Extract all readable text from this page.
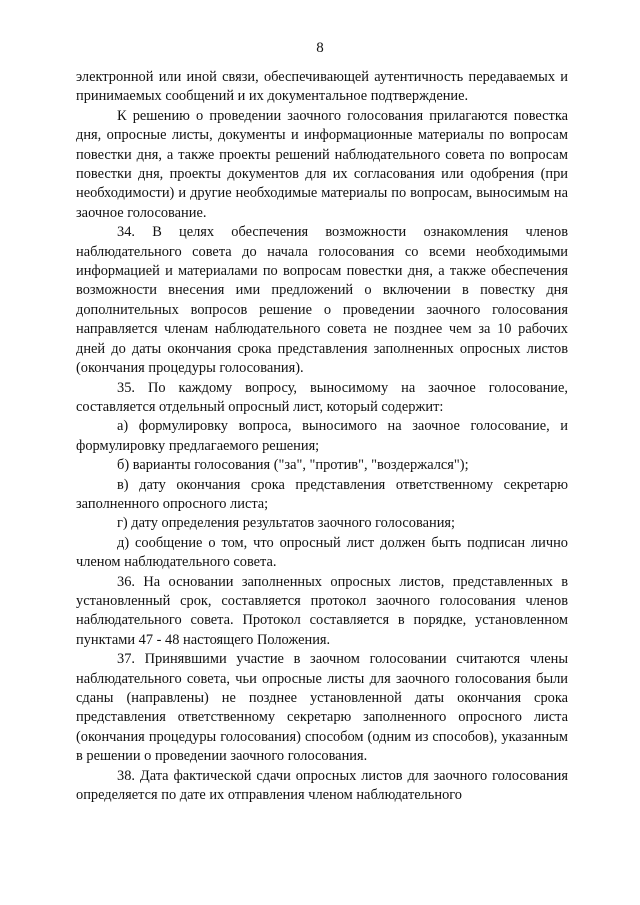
8

электронной или иной связи, обеспечивающей аутентичность передаваемых и принимаемых сообщений и их документальное подтверждение.

К решению о проведении заочного голосования прилагаются повестка дня, опросные листы, документы и информационные материалы по вопросам повестки дня, а также проекты решений наблюдательного совета по вопросам повестки дня, проекты документов для их согласования или одобрения (при необходимости) и другие необходимые материалы по вопросам, выносимым на заочное голосование.

34. В целях обеспечения возможности ознакомления членов наблюдательного совета до начала голосования со всеми необходимыми информацией и материалами по вопросам повестки дня, а также обеспечения возможности внесения ими предложений о включении в повестку дня дополнительных вопросов решение о проведении заочного голосования направляется членам наблюдательного совета не позднее чем за 10 рабочих дней до даты окончания срока представления заполненных опросных листов (окончания процедуры голосования).

35. По каждому вопросу, выносимому на заочное голосование, составляется отдельный опросный лист, который содержит:

а) формулировку вопроса, выносимого на заочное голосование, и формулировку предлагаемого решения;

б) варианты голосования ("за", "против", "воздержался");

в) дату окончания срока представления ответственному секретарю заполненного опросного листа;

г) дату определения результатов заочного голосования;

д) сообщение о том, что опросный лист должен быть подписан лично членом наблюдательного совета.

36. На основании заполненных опросных листов, представленных в установленный срок, составляется протокол заочного голосования членов наблюдательного совета. Протокол составляется в порядке, установленном пунктами 47 - 48 настоящего Положения.

37. Принявшими участие в заочном голосовании считаются члены наблюдательного совета, чьи опросные листы для заочного голосования были сданы (направлены) не позднее установленной даты окончания срока представления ответственному секретарю заполненного опросного листа (окончания процедуры голосования) способом (одним из способов), указанным в решении о проведении заочного голосования.

38. Дата фактической сдачи опросных листов для заочного голосования определяется по дате их отправления членом наблюдательного
